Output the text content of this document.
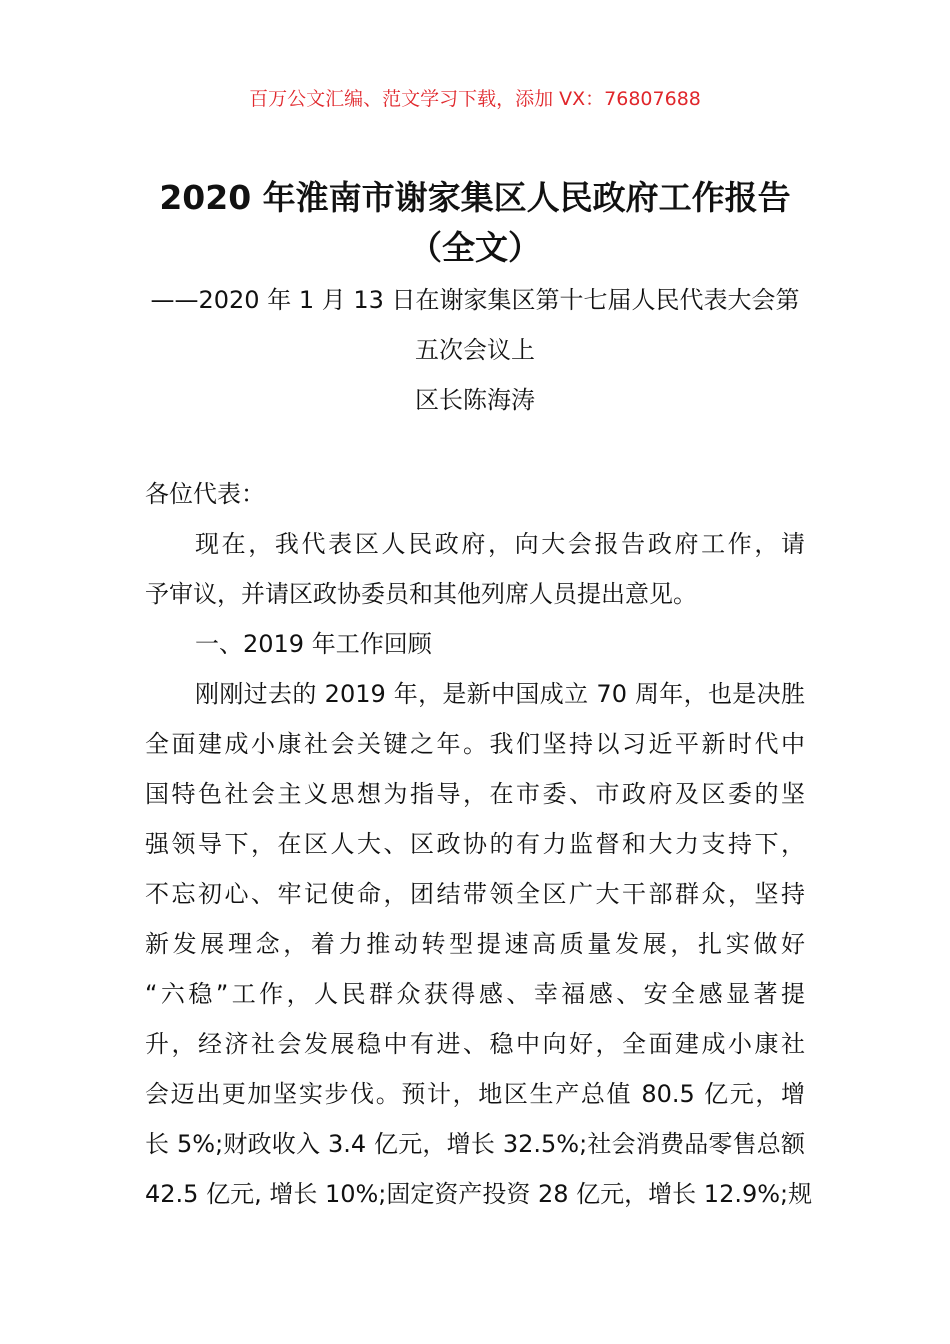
百万公文汇编、范文学习下载，添加 VX：76807688
2020 年淮南市谢家集区人民政府工作报告
（全文）
——2020 年 1 月 13 日在谢家集区第十七届人民代表大会第
五次会议上
区长陈海涛
各位代表：
现在，我代表区人民政府，向大会报告政府工作，请
予审议，并请区政协委员和其他列席人员提出意见。
一、2019 年工作回顾
刚刚过去的 2019 年，是新中国成立 70 周年，也是决胜
全面建成小康社会关键之年。我们坚持以习近平新时代中
国特色社会主义思想为指导，在市委、市政府及区委的坚
强领导下，在区人大、区政协的有力监督和大力支持下，
不忘初心、牢记使命，团结带领全区广大干部群众，坚持
新发展理念，着力推动转型提速高质量发展，扎实做好
“六稳”工作，人民群众获得感、幸福感、安全感显著提
升，经济社会发展稳中有进、稳中向好，全面建成小康社
会迈出更加坚实步伐。预计，地区生产总值 80.5 亿元，增
长 5%;财政收入 3.4 亿元，增长 32.5%;社会消费品零售总额
42.5 亿元, 增长 10%;固定资产投资 28 亿元，增长 12.9%;规
